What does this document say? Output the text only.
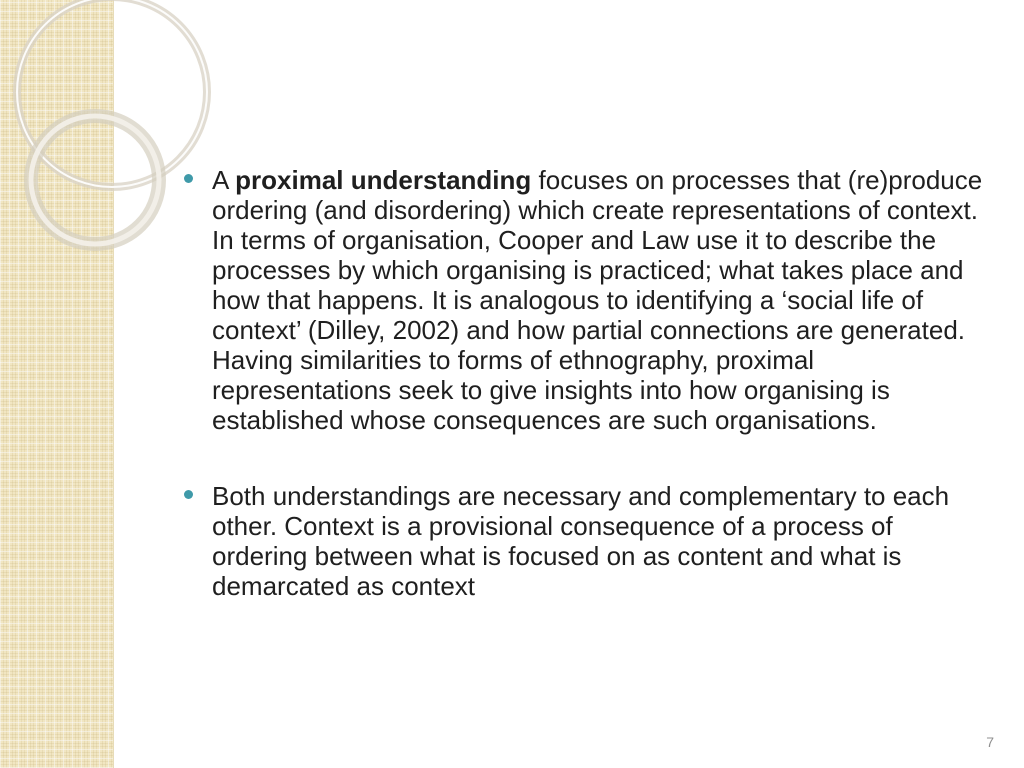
A proximal understanding focuses on processes that (re)produce ordering (and disordering) which create representations of context. In terms of organisation, Cooper and Law use it to describe the processes by which organising is practiced; what takes place and how that happens. It is analogous to identifying a ‘social life of context’ (Dilley, 2002) and how partial connections are generated. Having similarities to forms of ethnography, proximal representations seek to give insights into how organising is established whose consequences are such organisations.

Both understandings are necessary and complementary to each other. Context is a provisional consequence of a process of ordering between what is focused on as content and what is demarcated as context

7
